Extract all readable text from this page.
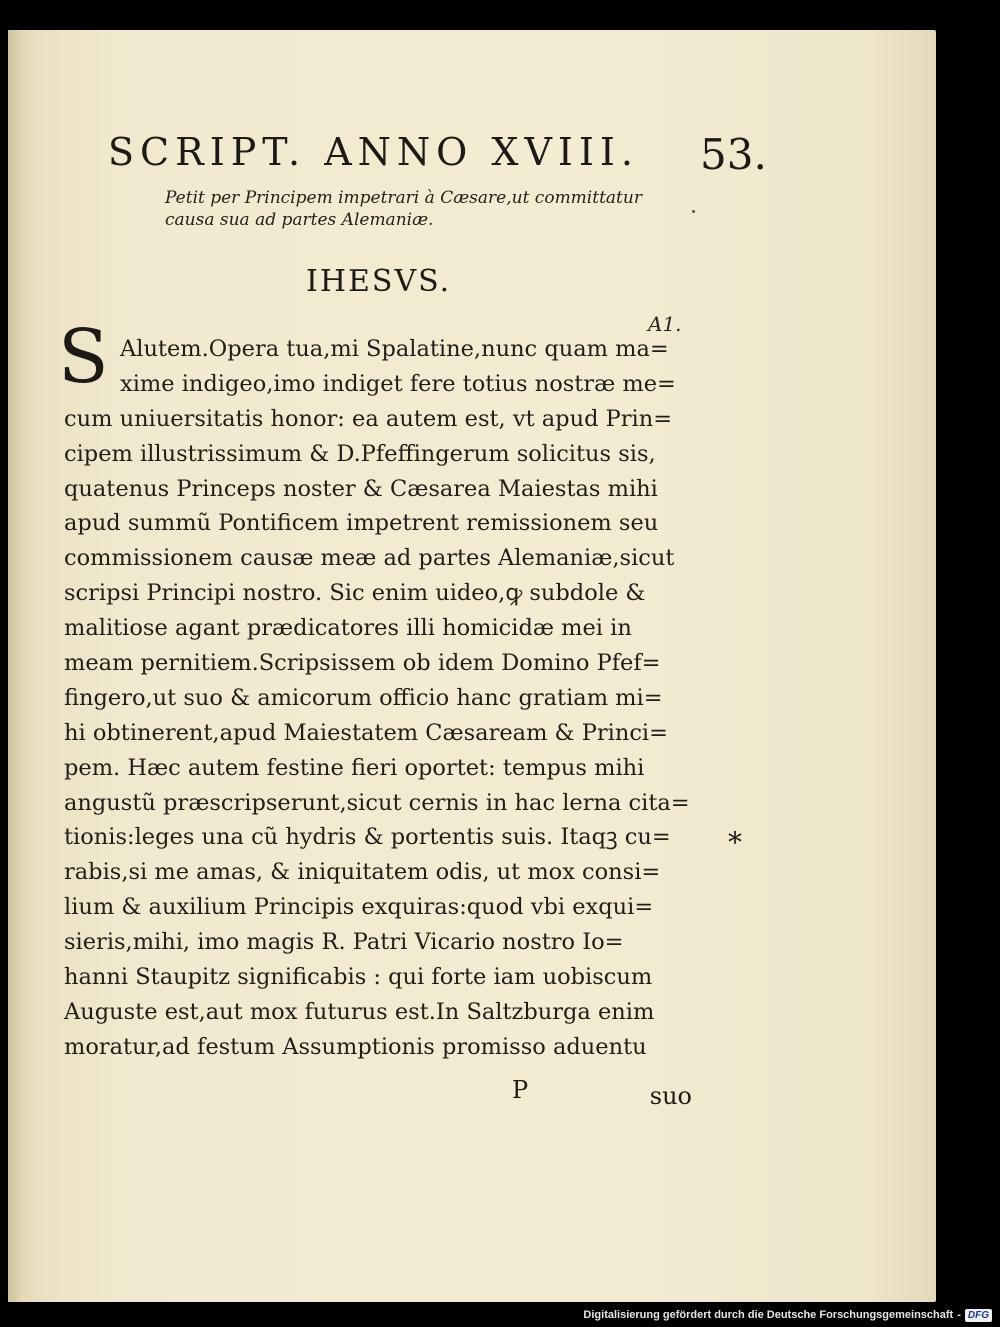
SCRIPT. ANNO XVIII.	53.
Petit per Principem impetrari à Cæsare,ut committatur causa sua ad partes Alemaniæ.
IHESVS.
A1.
S Alutem.Opera tua,mi Spalatine,nunc quam ma=
xime indigeo,imo indiget fere totius nostræ me=
cum uniuersitatis honor: ea autem est, vt apud Prin=
cipem illustrissimum & D.Pfeffingerum solicitus sis,
quatenus Princeps noster & Cæsarea Maiestas mihi
apud summũ Pontificem impetrent remissionem seu
commissionem causæ meæ ad partes Alemaniæ,sicut
scripsi Principi nostro. Sic enim uideo,ꝙ subdole &
malitiose agant prædicatores illi homicidæ mei in
meam pernitiem.Scripsissem ob idem Domino Pfef=
fingero,ut suo & amicorum officio hanc gratiam mi=
hi obtinerent,apud Maiestatem Cæsaream & Princi=
pem. Hæc autem festine fieri oportet: tempus mihi
angustũ præscripserunt,sicut cernis in hac lerna cita=
tionis:leges una cũ hydris & portentis suis. Itaqꝫ cu=
rabis,si me amas, & iniquitatem odis, ut mox consi=
lium & auxilium Principis exquiras:quod vbi exqui=
sieris,mihi, imo magis R. Patri Vicario nostro Io=
hanni Staupitz significabis : qui forte iam uobiscum
Auguste est,aut mox futurus est.In Saltzburga enim
moratur,ad festum Assumptionis promisso aduentu
P	suo
*
Digitalisierung gefördert durch die Deutsche Forschungsgemeinschaft - DFG
